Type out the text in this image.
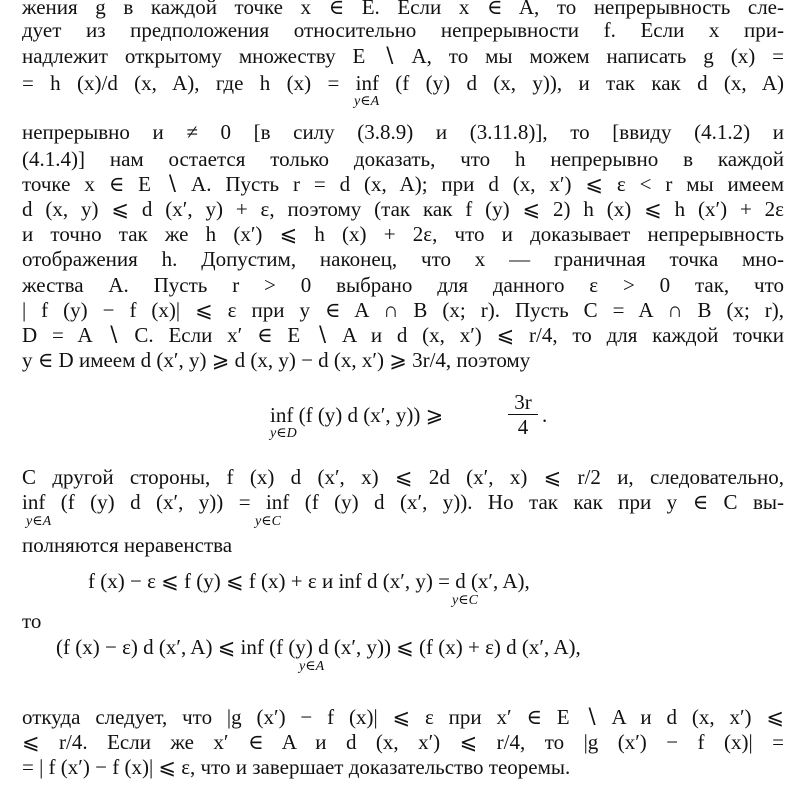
жения g в каждой точке x ∈ E. Если x ∈ A, то непрерывность сле-
дует из предположения относительно непрерывности f. Если x при-
надлежит открытому множеству E ∖ A, то мы можем написать g (x) =
= h (x)/d (x, A), где h (x) = inf (f (y) d (x, y)), и так как d (x, A)
y∈A
непрерывно и ≠ 0 [в силу (3.8.9) и (3.11.8)], то [ввиду (4.1.2) и
(4.1.4)] нам остается только доказать, что h непрерывно в каждой
точке x ∈ E ∖ A. Пусть r = d (x, A); при d (x, x′) ⩽ ε < r мы имеем
d (x, y) ⩽ d (x′, y) + ε, поэтому (так как f (y) ⩽ 2) h (x) ⩽ h (x′) + 2ε
и точно так же h (x′) ⩽ h (x) + 2ε, что и доказывает непрерывность
отображения h. Допустим, наконец, что x — граничная точка мно-
жества A. Пусть r > 0 выбрано для данного ε > 0 так, что
| f (y) − f (x)| ⩽ ε при y ∈ A ∩ B (x; r). Пусть C = A ∩ B (x; r),
D = A ∖ C. Если x′ ∈ E ∖ A и d (x, x′) ⩽ r/4, то для каждой точки
y ∈ D имеем d (x′, y) ⩾ d (x, y) − d (x, x′) ⩾ 3r/4, поэтому
inf (f (y) d (x′, y)) ⩾
y∈D	$\frac{3r}{4}$ .
С другой стороны, f (x) d (x′, x) ⩽ 2d (x′, x) ⩽ r/2 и, следовательно,
inf (f (y) d (x′, y)) = inf (f (y) d (x′, y)). Но так как при y ∈ C вы-
y∈A	y∈C
полняются неравенства
f (x) − ε ⩽ f (y) ⩽ f (x) + ε и inf d (x′, y) = d (x′, A),
y∈C
то
(f (x) − ε) d (x′, A) ⩽ inf (f (y) d (x′, y)) ⩽ (f (x) + ε) d (x′, A),
y∈A
откуда следует, что |g (x′) − f (x)| ⩽ ε при x′ ∈ E ∖ A и d (x, x′) ⩽
⩽ r/4. Если же x′ ∈ A и d (x, x′) ⩽ r/4, то |g (x′) − f (x)| =
= | f (x′) − f (x)| ⩽ ε, что и завершает доказательство теоремы.
